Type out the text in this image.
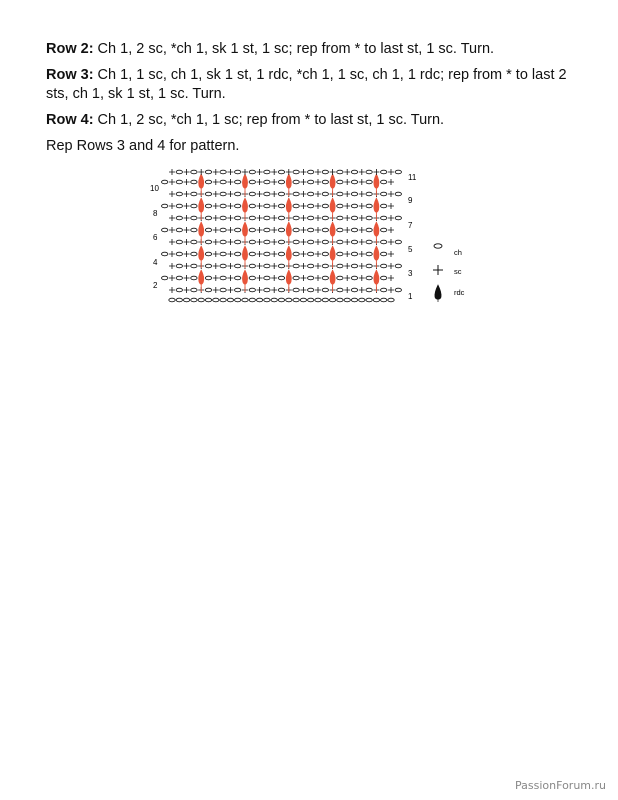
Row 2: Ch 1, 2 sc, *ch 1, sk 1 st, 1 sc; rep from * to last st, 1 sc. Turn.

Row 3: Ch 1, 1 sc, ch 1, sk 1 st, 1 rdc, *ch 1, 1 sc, ch 1, 1 rdc; rep from * to last 2 sts, ch 1, sk 1 st, 1 sc. Turn.

Row 4: Ch 1, 2 sc, *ch 1, 1 sc; rep from * to last st, 1 sc. Turn.

Rep Rows 3 and 4 for pattern.

10
8
6
4
2
11
9
7
5
3
1
ch
sc
rdc
PassionForum.ru
